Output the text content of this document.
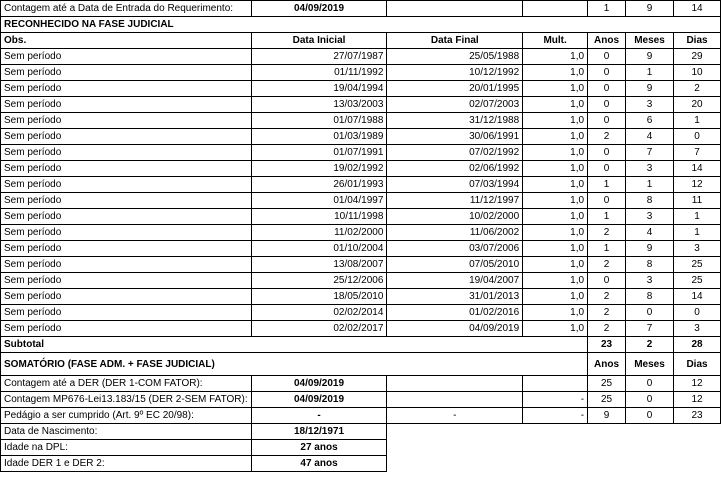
Contagem até a Data de Entrada do Requerimento:	04/09/2019			1	9	14
RECONHECIDO NA FASE JUDICIAL						
Obs.	Data Inicial	Data Final	Mult.	Anos	Meses	Dias
Sem período	27/07/1987	25/05/1988	1,0	0	9	29
Sem período	01/11/1992	10/12/1992	1,0	0	1	10
Sem período	19/04/1994	20/01/1995	1,0	0	9	2
Sem período	13/03/2003	02/07/2003	1,0	0	3	20
Sem período	01/07/1988	31/12/1988	1,0	0	6	1
Sem período	01/03/1989	30/06/1991	1,0	2	4	0
Sem período	01/07/1991	07/02/1992	1,0	0	7	7
Sem período	19/02/1992	02/06/1992	1,0	0	3	14
Sem período	26/01/1993	07/03/1994	1,0	1	1	12
Sem período	01/04/1997	11/12/1997	1,0	0	8	11
Sem período	10/11/1998	10/02/2000	1,0	1	3	1
Sem período	11/02/2000	11/06/2002	1,0	2	4	1
Sem período	01/10/2004	03/07/2006	1,0	1	9	3
Sem período	13/08/2007	07/05/2010	1,0	2	8	25
Sem período	25/12/2006	19/04/2007	1,0	0	3	25
Sem período	18/05/2010	31/01/2013	1,0	2	8	14
Sem período	02/02/2014	01/02/2016	1,0	2	0	0
Sem período	02/02/2017	04/09/2019	1,0	2	7	3
Subtotal				23	2	28
SOMATÓRIO (FASE ADM. + FASE JUDICIAL)				Anos	Meses	Dias
Contagem até a DER (DER 1-COM FATOR):	04/09/2019			25	0	12
Contagem MP676-Lei13.183/15 (DER 2-SEM FATOR):	04/09/2019		-	25	0	12
Pedágio a ser cumprido (Art. 9º EC 20/98):	-	-	-	9	0	23
Data de Nascimento:	18/12/1971					
Idade na DPL:	27 anos					
Idade DER 1 e DER 2:	47 anos					
